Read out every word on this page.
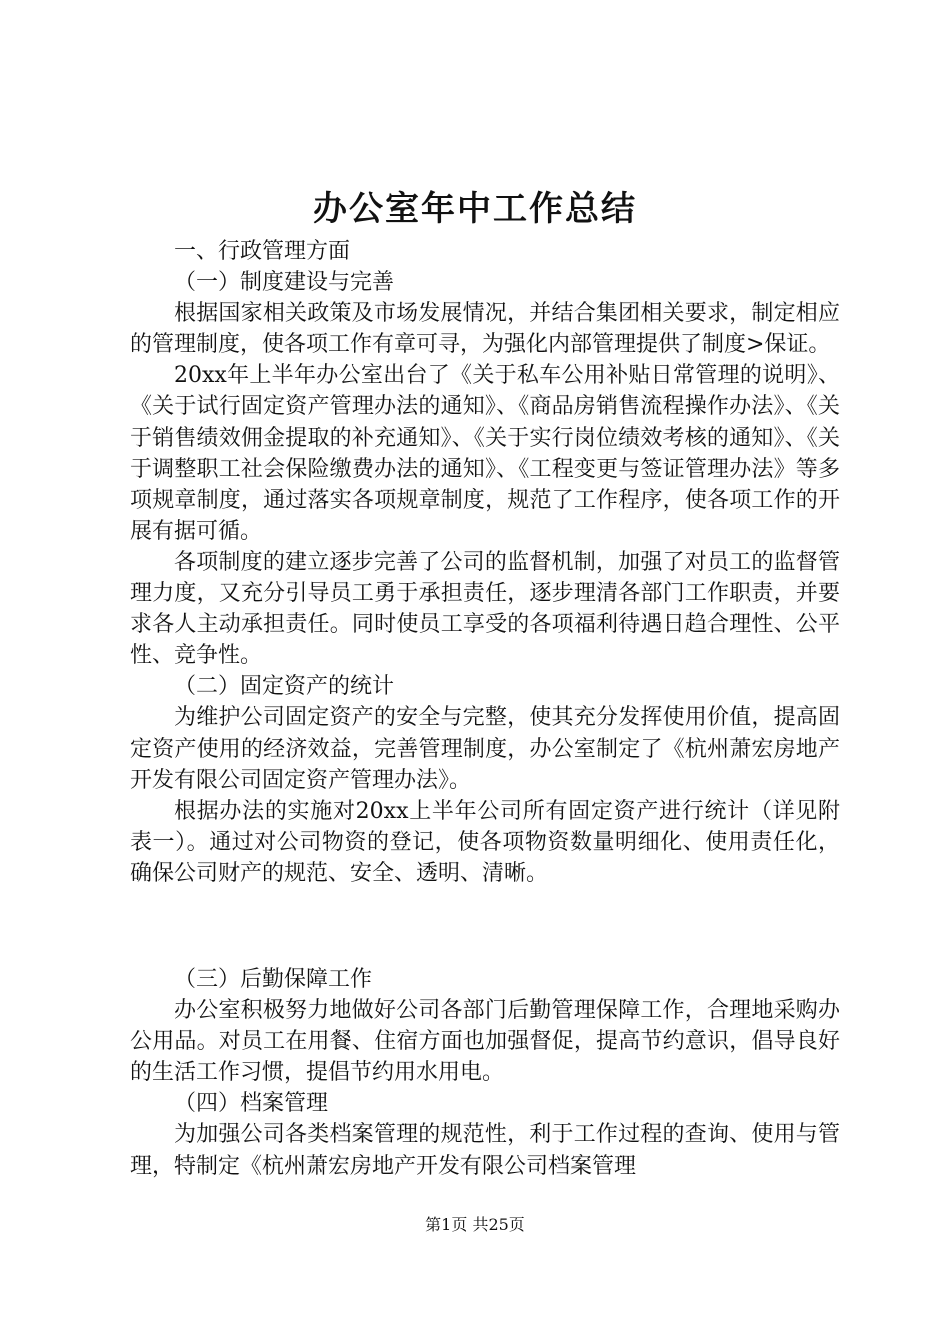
办公室年中工作总结

一、行政管理方面

（一）制度建设与完善

根据国家相关政策及市场发展情况，并结合集团相关要求，制定相应的管理制度，使各项工作有章可寻，为强化内部管理提供了制度>保证。

20xx年上半年办公室出台了《关于私车公用补贴日常管理的说明》、《关于试行固定资产管理办法的通知》、《商品房销售流程操作办法》、《关于销售绩效佣金提取的补充通知》、《关于实行岗位绩效考核的通知》、《关于调整职工社会保险缴费办法的通知》、《工程变更与签证管理办法》等多项规章制度，通过落实各项规章制度，规范了工作程序，使各项工作的开展有据可循。

各项制度的建立逐步完善了公司的监督机制，加强了对员工的监督管理力度，又充分引导员工勇于承担责任，逐步理清各部门工作职责，并要求各人主动承担责任。同时使员工享受的各项福利待遇日趋合理性、公平性、竞争性。

（二）固定资产的统计

为维护公司固定资产的安全与完整，使其充分发挥使用价值，提高固定资产使用的经济效益，完善管理制度，办公室制定了《杭州萧宏房地产开发有限公司固定资产管理办法》。

根据办法的实施对20xx上半年公司所有固定资产进行统计（详见附表一）。通过对公司物资的登记，使各项物资数量明细化、使用责任化，确保公司财产的规范、安全、透明、清晰。

（三）后勤保障工作

办公室积极努力地做好公司各部门后勤管理保障工作，合理地采购办公用品。对员工在用餐、住宿方面也加强督促，提高节约意识，倡导良好的生活工作习惯，提倡节约用水用电。

（四）档案管理

为加强公司各类档案管理的规范性，利于工作过程的查询、使用与管理，特制定《杭州萧宏房地产开发有限公司档案管理

第1页 共25页
